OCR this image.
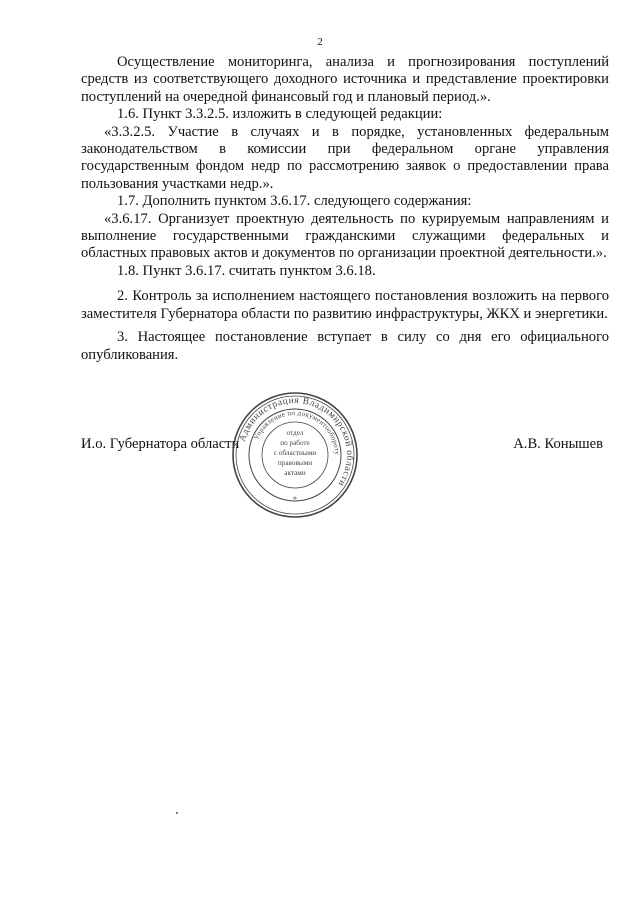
2

Осуществление мониторинга, анализа и прогнозирования поступлений средств из соответствующего доходного источника и представление проектировки поступлений на очередной финансовый год и плановый период.».

1.6. Пункт 3.3.2.5. изложить в следующей редакции:

«3.3.2.5. Участие в случаях и в порядке, установленных федеральным законодательством в комиссии при федеральном органе управления государственным фондом недр по рассмотрению заявок о предоставлении права пользования участками недр.».

1.7. Дополнить пунктом 3.6.17. следующего содержания:

«3.6.17. Организует проектную деятельность по курируемым направлениям и выполнение государственными гражданскими служащими федеральных и областных правовых актов и документов по организации проектной деятельности.».

1.8. Пункт 3.6.17. считать пунктом 3.6.18.

2. Контроль за исполнением настоящего постановления возложить на первого заместителя Губернатора области по развитию инфраструктуры, ЖКХ и энергетики.

3. Настоящее постановление вступает в силу со дня его официального опубликования.

И.о. Губернатора области	А.В. Конышев
Администрация Владимирской области
Управление по документообороту
отдел
по работе
с областными
правовыми
актами
*
